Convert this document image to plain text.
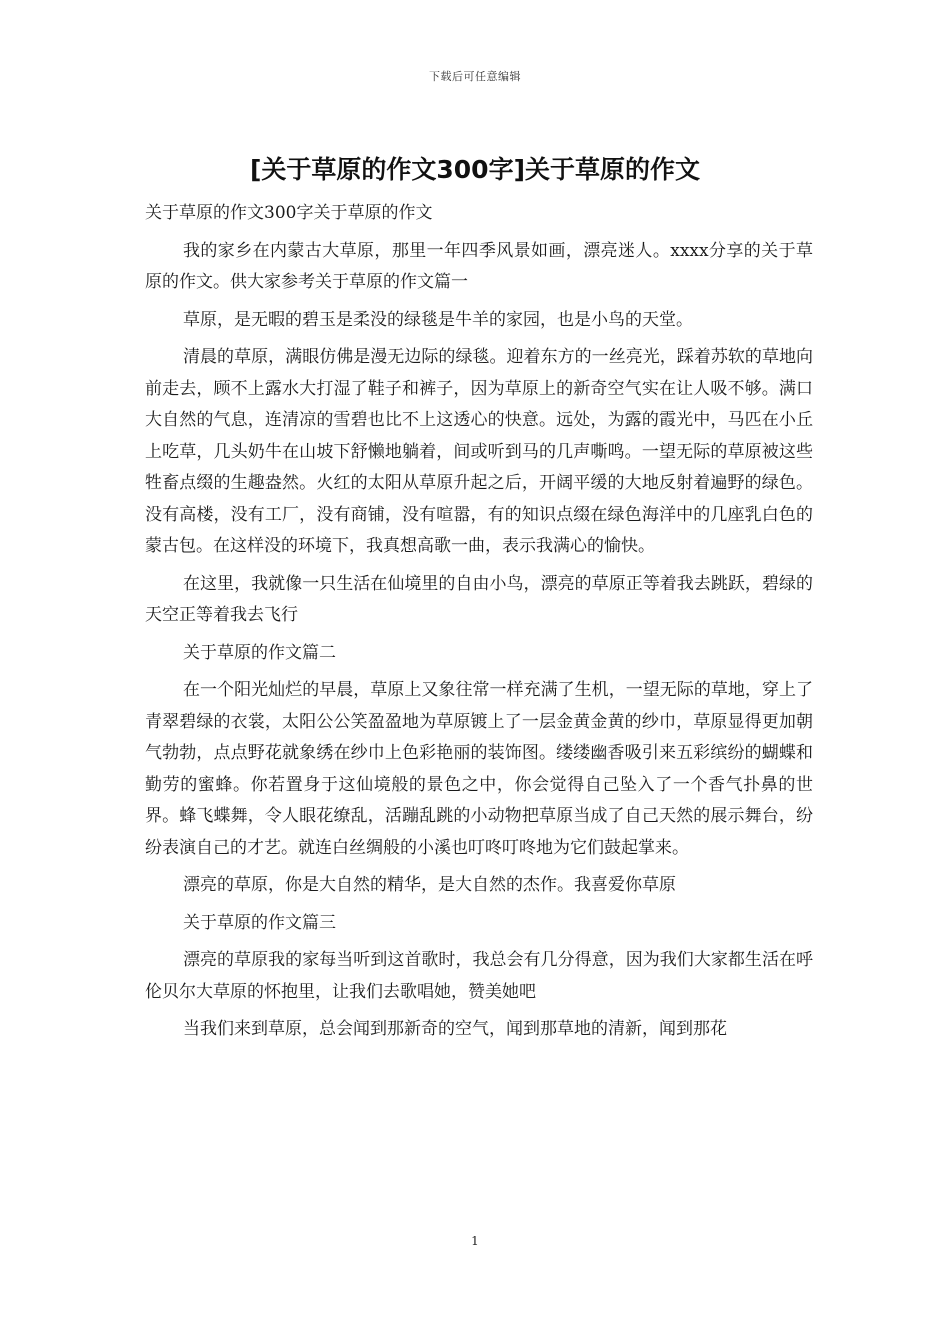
下载后可任意编辑
[关于草原的作文300字]关于草原的作文

关于草原的作文300字关于草原的作文

我的家乡在内蒙古大草原，那里一年四季风景如画，漂亮迷人。xxxx分享的关于草原的作文。供大家参考关于草原的作文篇一

草原，是无暇的碧玉是柔没的绿毯是牛羊的家园，也是小鸟的天堂。

清晨的草原，满眼仿佛是漫无边际的绿毯。迎着东方的一丝亮光，踩着苏软的草地向前走去，顾不上露水大打湿了鞋子和裤子，因为草原上的新奇空气实在让人吸不够。满口大自然的气息，连清凉的雪碧也比不上这透心的快意。远处，为露的霞光中，马匹在小丘上吃草，几头奶牛在山坡下舒懒地躺着，间或听到马的几声嘶鸣。一望无际的草原被这些牲畜点缀的生趣盎然。火红的太阳从草原升起之后，开阔平缓的大地反射着遍野的绿色。没有高楼，没有工厂，没有商铺，没有喧嚣，有的知识点缀在绿色海洋中的几座乳白色的蒙古包。在这样没的环境下，我真想高歌一曲，表示我满心的愉快。

在这里，我就像一只生活在仙境里的自由小鸟，漂亮的草原正等着我去跳跃，碧绿的天空正等着我去飞行

关于草原的作文篇二

在一个阳光灿烂的早晨，草原上又象往常一样充满了生机，一望无际的草地，穿上了青翠碧绿的衣裳，太阳公公笑盈盈地为草原镀上了一层金黄金黄的纱巾，草原显得更加朝气勃勃，点点野花就象绣在纱巾上色彩艳丽的装饰图。缕缕幽香吸引来五彩缤纷的蝴蝶和勤劳的蜜蜂。你若置身于这仙境般的景色之中，你会觉得自己坠入了一个香气扑鼻的世界。蜂飞蝶舞，令人眼花缭乱，活蹦乱跳的小动物把草原当成了自己天然的展示舞台，纷纷表演自己的才艺。就连白丝绸般的小溪也叮咚叮咚地为它们鼓起掌来。

漂亮的草原，你是大自然的精华，是大自然的杰作。我喜爱你草原

关于草原的作文篇三

漂亮的草原我的家每当听到这首歌时，我总会有几分得意，因为我们大家都生活在呼伦贝尔大草原的怀抱里，让我们去歌唱她，赞美她吧

当我们来到草原，总会闻到那新奇的空气，闻到那草地的清新，闻到那花

1
